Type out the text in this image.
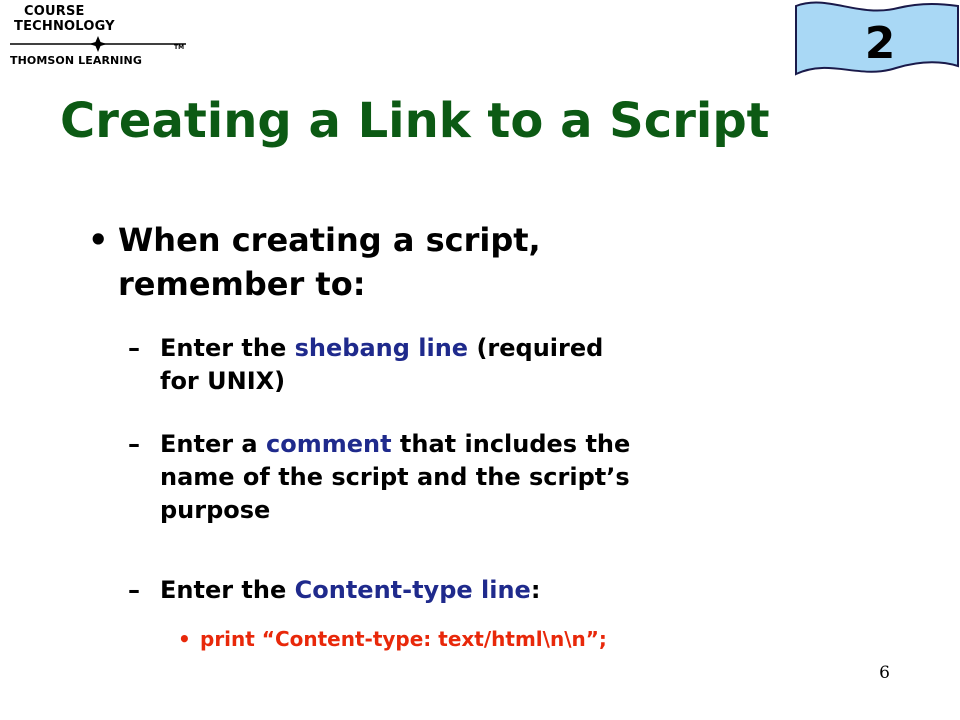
COURSE
TECHNOLOGY
TM
THOMSON LEARNING	2
Creating a Link to a Script
• When creating a script,
remember to:
– Enter the shebang line (required
for UNIX)
– Enter a comment that includes the
name of the script and the script’s
purpose
– Enter the Content-type line:
• print “Content-type: text/html\n\n”;
6
